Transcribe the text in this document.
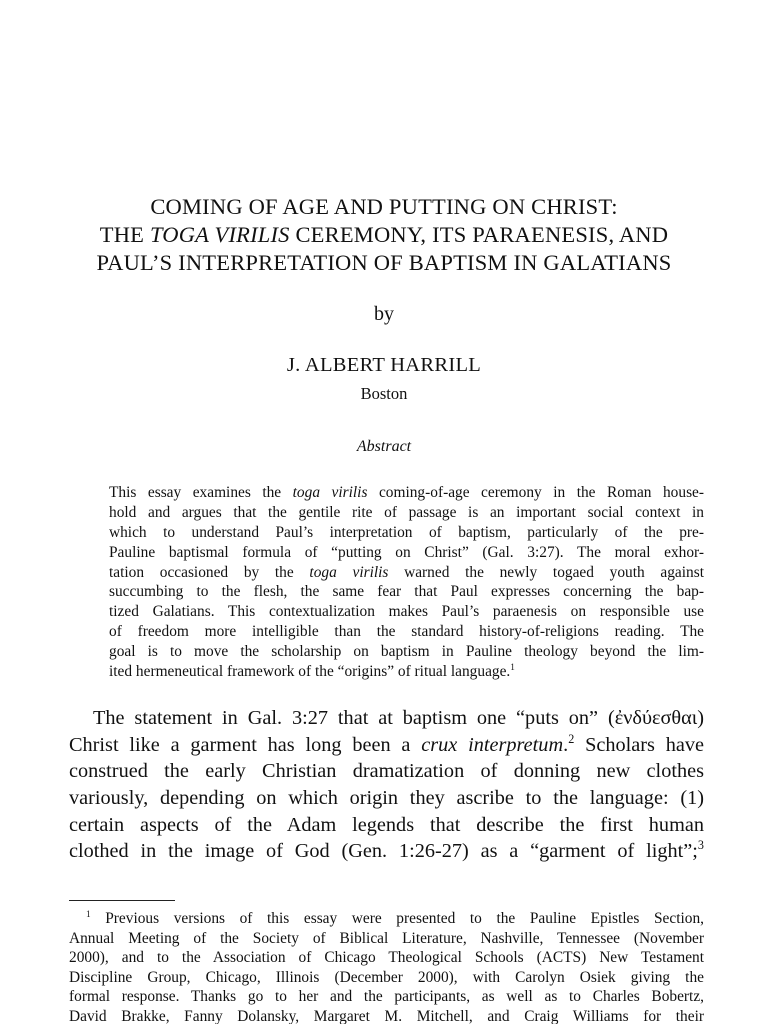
COMING OF AGE AND PUTTING ON CHRIST:
THE TOGA VIRILIS CEREMONY, ITS PARAENESIS, AND
PAUL’S INTERPRETATION OF BAPTISM IN GALATIANS
by
J. ALBERT HARRILL
Boston
Abstract
This essay examines the toga virilis coming-of-age ceremony in the Roman house-
hold and argues that the gentile rite of passage is an important social context in
which to understand Paul’s interpretation of baptism, particularly of the pre-
Pauline baptismal formula of “putting on Christ” (Gal. 3:27). The moral exhor-
tation occasioned by the toga virilis warned the newly togaed youth against
succumbing to the flesh, the same fear that Paul expresses concerning the bap-
tized Galatians. This contextualization makes Paul’s paraenesis on responsible use
of freedom more intelligible than the standard history-of-religions reading. The
goal is to move the scholarship on baptism in Pauline theology beyond the lim-
ited hermeneutical framework of the “origins” of ritual language.$^1$
The statement in Gal. 3:27 that at baptism one “puts on” (ἐνδύεσθαι)
Christ like a garment has long been a crux interpretum.$^2$ Scholars have
construed the early Christian dramatization of donning new clothes
variously, depending on which origin they ascribe to the language: (1)
certain aspects of the Adam legends that describe the first human
clothed in the image of God (Gen. 1:26-27) as a “garment of light”;$^3$
$^1$ Previous versions of this essay were presented to the Pauline Epistles Section,
Annual Meeting of the Society of Biblical Literature, Nashville, Tennessee (November
2000), and to the Association of Chicago Theological Schools (ACTS) New Testament
Discipline Group, Chicago, Illinois (December 2000), with Carolyn Osiek giving the
formal response. Thanks go to her and the participants, as well as to Charles Bobertz,
David Brakke, Fanny Dolansky, Margaret M. Mitchell, and Craig Williams for their
